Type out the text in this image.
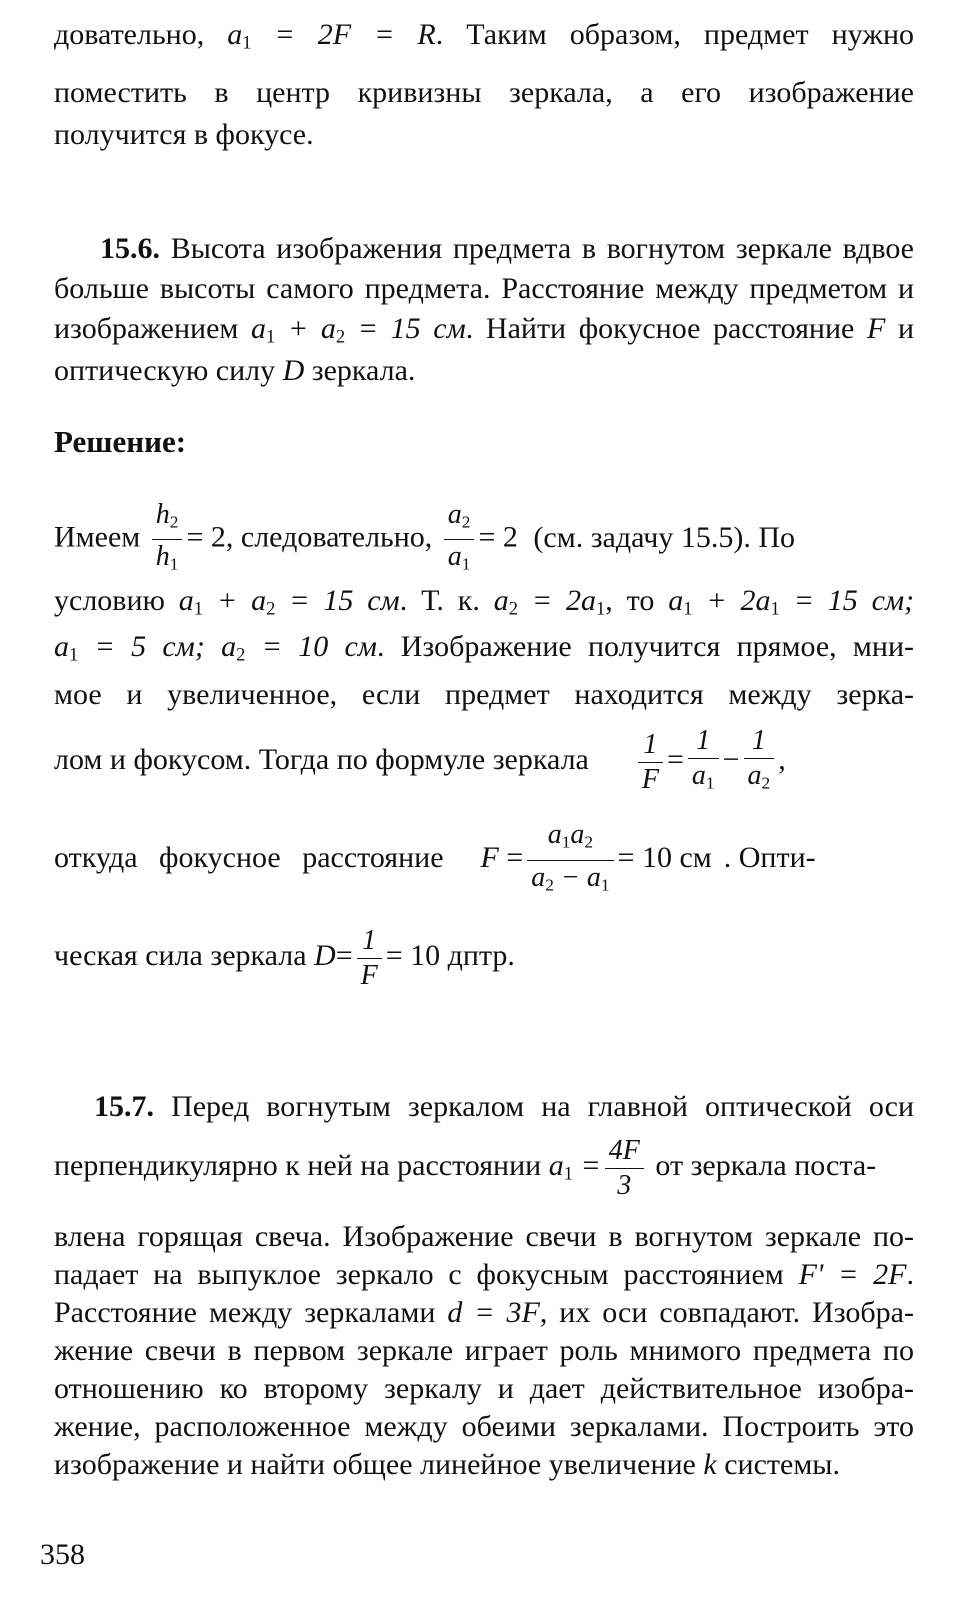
довательно, $a_1 = 2F = R$. Таким образом, предмет нужно
поместить в центр кривизны зеркала, а его изображение
получится в фокусе.
15.6. Высота изображения предмета в вогнутом зеркале вдвое
больше высоты самого предмета. Расстояние между предметом и
изображением $a_1 + a_2 = 15$ см. Найти фокусное расстояние F и
оптическую силу D зеркала.
Решение:
Имеем $\frac{h_2}{h_1} = 2$, следовательно, $\frac{a_2}{a_1} = 2$ (см. задачу 15.5). По
условию $a_1 + a_2 = 15$ см. Т. к. $a_2 = 2a_1$, то $a_1 + 2a_1 = 15$ см;
$a_1 = 5$ см; $a_2 = 10$ см. Изображение получится прямое, мни-
мое и увеличенное, если предмет находится между зерка-
лом и фокусом. Тогда по формуле зеркала $\frac{1}{F} = \frac{1}{a_1} - \frac{1}{a_2}$ ,
откуда фокусное расстояние $F = \frac{a_1a_2}{a_2 - a_1} = 10$ см . Опти-
ческая сила зеркала $D= \frac{1}{F} = 10$ дптр.
15.7. Перед вогнутым зеркалом на главной оптической оси
перпендикулярно к ней на расстоянии $a_1 = \frac{4F}{3}$ от зеркала поста-
влена горящая свеча. Изображение свечи в вогнутом зеркале по-
падает на выпуклое зеркало с фокусным расстоянием F' = 2F.
Расстояние между зеркалами d = 3F, их оси совпадают. Изобра-
жение свечи в первом зеркале играет роль мнимого предмета по
отношению ко второму зеркалу и дает действительное изобра-
жение, расположенное между обеими зеркалами. Построить это
изображение и найти общее линейное увеличение k системы.
358
